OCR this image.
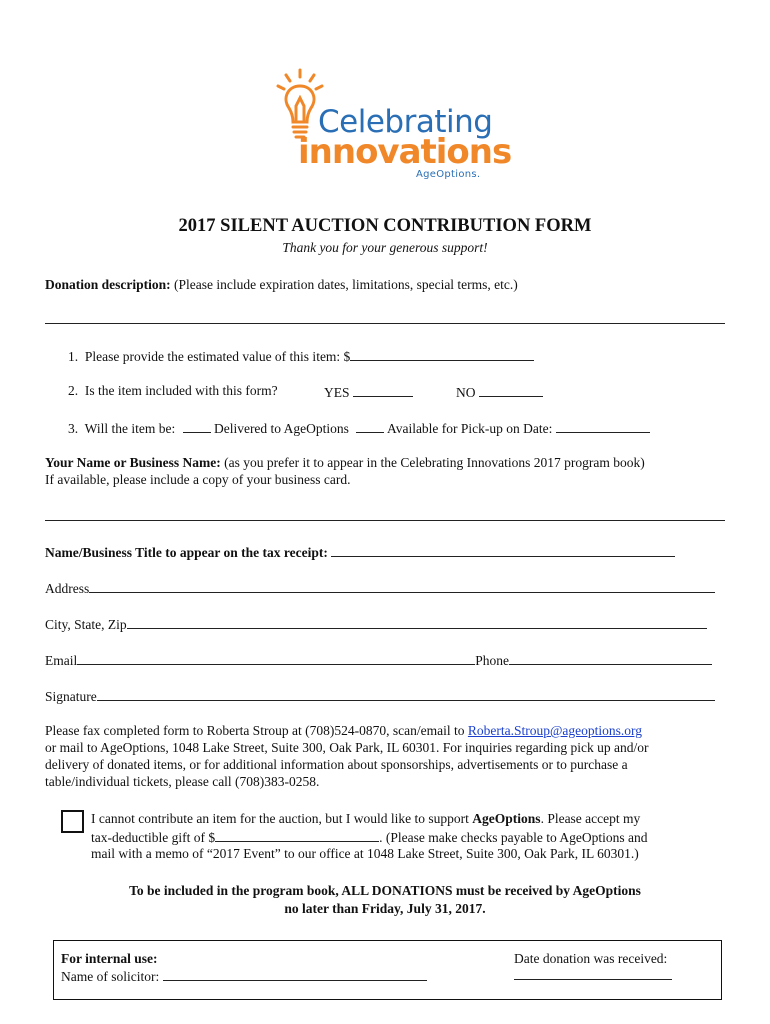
Celebrating
innovations
AgeOptions.
2017 SILENT AUCTION CONTRIBUTION FORM
Thank you for your generous support!
Donation description: (Please include expiration dates, limitations, special terms, etc.)
1. Please provide the estimated value of this item: $
2. Is the item included with this form?	YES	NO
3. Will the item be:	Delivered to AgeOptions	Available for Pick-up on Date:
Your Name or Business Name: (as you prefer it to appear in the Celebrating Innovations 2017 program book)
If available, please include a copy of your business card.
Name/Business Title to appear on the tax receipt:
Address
City, State, Zip
Email	Phone
Signature
Please fax completed form to Roberta Stroup at (708)524-0870, scan/email to Roberta.Stroup@ageoptions.org
or mail to AgeOptions, 1048 Lake Street, Suite 300, Oak Park, IL 60301. For inquiries regarding pick up and/or
delivery of donated items, or for additional information about sponsorships, advertisements or to purchase a
table/individual tickets, please call (708)383-0258.
I cannot contribute an item for the auction, but I would like to support AgeOptions. Please accept my
tax-deductible gift of $	. (Please make checks payable to AgeOptions and
mail with a memo of “2017 Event” to our office at 1048 Lake Street, Suite 300, Oak Park, IL 60301.)
To be included in the program book, ALL DONATIONS must be received by AgeOptions
no later than Friday, July 31, 2017.
For internal use:
Name of solicitor:
Date donation was received:
